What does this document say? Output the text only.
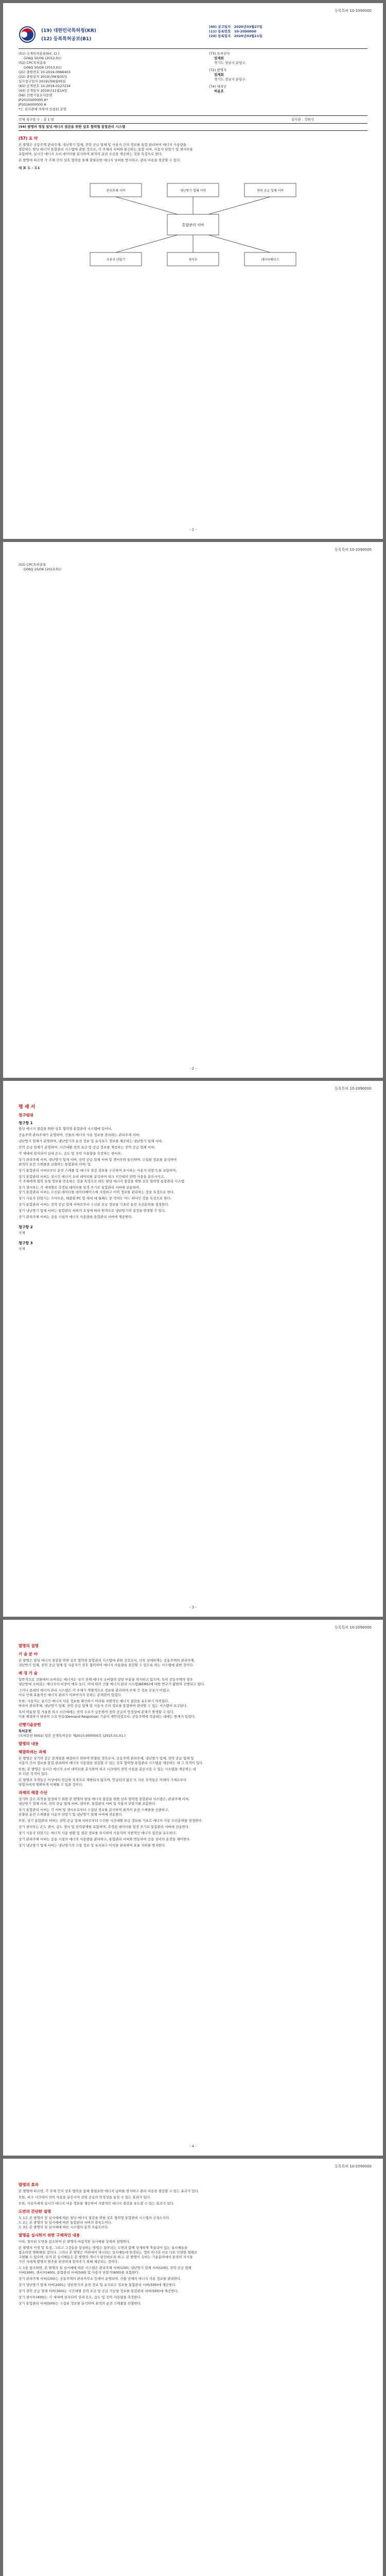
등록특허 10-2090000
(19) 대한민국특허청(KR)
(12) 등록특허공보(B1)
(45) 공고일자 2020년03월27일
(11) 등록번호 10-2090000
(24) 등록일자 2020년03월11일
(51) 국제특허분류(Int. Cl.)
G06Q 50/06 (2012.01)
(52) CPC특허분류
G06Q 50/06 (2013.01)
(21) 출원번호 10-2019-0066403
(22) 출원일자 2019년06월05일
심사청구일자 2019년06월05일
(65) 공개번호 10-2019-0127234
(43) 공개일자 2019년11월14일
(56) 선행기술조사문헌
JP2015000000 A*
JP2016000000 A
*는 심사관에 의하여 인용된 문헌
(73) 특허권자
임재희
경기도 성남시 분당구
(72) 발명자
임재희
경기도 성남시 분당구
(74) 대리인
허윤호
전체 청구항 수 : 총 1 항	심사관 : 정원석
(54) 발명의 명칭 빌딩 에너지 절감을 위한 상호 협력형 통합관리 시스템
(57) 요 약
본 발명은 공동주택 관리주체, 냉난방기 업체, 전력 공급 업체 및 사용자 간의 정보를 통합 관리하여 에너지 사용량을
절감하는 빌딩 에너지 통합관리 시스템에 관한 것으로, 각 주체의 서버와 통신하는 통합 서버, 사용자 단말기 및 센서부를
포함하며, 실시간 에너지 소비 데이터를 분석하여 최적의 운전 조건을 제공하는 것을 특징으로 한다.
본 발명에 따르면 각 주체 간의 상호 협력을 통해 불필요한 에너지 낭비를 방지하고, 관리 비용을 절감할 수 있다.
대 표 도 - 도1
통합관리 서버
관리주체 서버	냉난방기 업체 서버	전력 공급 업체 서버
사용자 단말기	센서부	데이터베이스
- 1 -
등록특허 10-2090000
(52) CPC특허분류
G06Q 10/06 (2013.01)
- 2 -
등록특허 10-2090000
명 세 서
청구범위
청구항 1
빌딩 에너지 절감을 위한 상호 협력형 통합관리 시스템에 있어서,
공동주택 관리주체가 운영하며, 건물의 에너지 사용 정보를 관리하는 관리주체 서버;
냉난방기 업체가 운영하며, 냉난방기의 운전 정보 및 유지보수 정보를 제공하는 냉난방기 업체 서버;
전력 공급 업체가 운영하며, 시간대별 전력 요금 및 공급 정보를 제공하는 전력 공급 업체 서버;
각 세대에 설치되어 실내 온도, 습도 및 전력 사용량을 측정하는 센서부;
상기 관리주체 서버, 냉난방기 업체 서버, 전력 공급 업체 서버 및 센서부와 통신하며, 수집된 정보를 분석하여
최적의 운전 스케줄을 산출하는 통합관리 서버; 및
상기 통합관리 서버로부터 운전 스케줄 및 에너지 절감 정보를 수신하여 표시하는 사용자 단말기;를 포함하며,
상기 통합관리 서버는 실시간 에너지 소비 데이터를 분석하여 피크 시간대의 전력 사용을 분산시키고,
각 주체에게 협력 요청 정보를 전송하는 것을 특징으로 하는 빌딩 에너지 절감을 위한 상호 협력형 통합관리 시스템.
상기 센서부는 각 세대별로 측정된 데이터를 일정 주기로 통합관리 서버에 전송하며,
상기 통합관리 서버는 수신된 데이터를 데이터베이스에 저장하고 이력 정보를 관리하는 것을 특징으로 한다.
상기 사용자 단말기는 스마트폰, 태블릿 PC 및 세대 내 월패드 중 적어도 어느 하나인 것을 특징으로 한다.
상기 통합관리 서버는 전력 공급 업체 서버로부터 수신된 요금 정보를 기초로 운전 우선순위를 결정한다.
상기 냉난방기 업체 서버는 통합관리 서버의 요청에 따라 원격으로 냉난방기의 설정을 변경할 수 있다.
상기 관리주체 서버는 공용 시설의 에너지 사용량을 통합관리 서버에 제공한다.
청구항 2
삭제
청구항 3
삭제
- 3 -
등록특허 10-2090000
발명의 설명
기 술 분 야
본 발명은 빌딩 에너지 절감을 위한 상호 협력형 통합관리 시스템에 관한 것으로서, 더욱 상세하게는 공동주택의 관리주체,
냉난방기 업체, 전력 공급 업체 및 사용자가 상호 협력하여 에너지 사용량을 절감할 수 있도록 하는 시스템에 관한 것이다.
배 경 기 술
일반적으로 건물에서 소비되는 에너지는 국가 전체 에너지 소비량의 상당 부분을 차지하고 있으며, 특히 공동주택의 경우
냉난방에 소비되는 에너지의 비중이 매우 높다. 이에 따라 건물 에너지 관리 시스템(BEMS)에 대한 연구가 활발히 진행되고 있다.
그러나 종래의 에너지 관리 시스템은 각 주체가 개별적으로 정보를 관리하여 주체 간 정보 공유가 어렵고,
이로 인해 효율적인 에너지 관리가 이루어지지 못하는 문제점이 있었다.
또한, 사용자는 실시간 에너지 사용 정보를 확인하기 어려워 자발적인 에너지 절감을 유도하기 어려웠다.
따라서 관리주체, 냉난방기 업체, 전력 공급 업체 및 사용자 간의 정보를 통합하여 관리할 수 있는 시스템이 요구된다.
특히 여름철 및 겨울철 피크 시간대에는 전력 수요가 급증하여 전력 공급의 안정성에 문제가 발생할 수 있다.
이를 해결하기 위하여 수요 반응(Demand Response) 기술이 제안되었으나, 공동주택에 적용하는 데에는 한계가 있었다.
선행기술문헌
특허문헌
(특허문헌 0001) 일본 공개특허공보 제2015-000000호 (2015.01.01.)
발명의 내용
해결하려는 과제
본 발명은 상기와 같은 문제점을 해결하기 위하여 안출된 것으로서, 공동주택 관리주체, 냉난방기 업체, 전력 공급 업체 및
사용자 간의 정보를 통합 관리하여 에너지 사용량을 절감할 수 있는 상호 협력형 통합관리 시스템을 제공하는 데 그 목적이 있다.
또한, 본 발명은 실시간 에너지 소비 데이터를 분석하여 피크 시간대의 전력 사용을 분산시킬 수 있는 시스템을 제공하는 데
또 다른 목적이 있다.
본 발명의 목적들은 이상에서 언급한 목적으로 제한되지 않으며, 언급되지 않은 또 다른 목적들은 아래의 기재로부터
당업자에게 명확하게 이해될 수 있을 것이다.
과제의 해결 수단
상기와 같은 목적을 달성하기 위한 본 발명의 빌딩 에너지 절감을 위한 상호 협력형 통합관리 시스템은, 관리주체 서버,
냉난방기 업체 서버, 전력 공급 업체 서버, 센서부, 통합관리 서버 및 사용자 단말기를 포함한다.
상기 통합관리 서버는 각 서버 및 센서부로부터 수집된 정보를 분석하여 최적의 운전 스케줄을 산출하고,
산출된 운전 스케줄을 사용자 단말기 및 냉난방기 업체 서버에 전송한다.
또한, 상기 통합관리 서버는 전력 공급 업체 서버로부터 수신한 시간대별 요금 정보를 기초로 에너지 사용 우선순위를 결정한다.
상기 센서부는 온도 센서, 습도 센서 및 전력량계를 포함하며, 측정된 데이터를 일정 주기로 통합관리 서버에 전송한다.
상기 사용자 단말기는 에너지 사용 현황 및 절감 정보를 표시하여 사용자의 자발적인 에너지 절감을 유도한다.
상기 관리주체 서버는 공용 시설의 에너지 사용량을 관리하고, 통합관리 서버와 연동하여 공용 설비의 운전을 제어한다.
상기 냉난방기 업체 서버는 냉난방기의 고장 정보 및 유지보수 이력을 관리하여 효율 저하를 방지한다.
- 4 -
등록특허 10-2090000
발명의 효과
본 발명에 따르면, 각 주체 간의 상호 협력을 통해 불필요한 에너지 낭비를 방지하고 관리 비용을 절감할 수 있는 효과가 있다.
또한, 피크 시간대의 전력 사용을 분산시켜 전력 공급의 안정성을 높일 수 있는 효과가 있다.
또한, 사용자에게 실시간 에너지 사용 정보를 제공하여 자발적인 에너지 절감을 유도할 수 있는 효과가 있다.
도면의 간단한 설명
도 1은 본 발명의 일 실시예에 따른 빌딩 에너지 절감을 위한 상호 협력형 통합관리 시스템의 구성도이다.
도 2는 본 발명의 일 실시예에 따른 통합관리 서버의 블록도이다.
도 3은 본 발명의 일 실시예에 따른 시스템의 동작 흐름도이다.
발명을 실시하기 위한 구체적인 내용
이하, 첨부된 도면을 참조하여 본 발명의 바람직한 실시예를 상세히 설명한다.
본 발명의 이점 및 특징, 그리고 그것들을 달성하는 방법은 첨부되는 도면과 함께 상세하게 후술되어 있는 실시예들을
참조하면 명확해질 것이다. 그러나 본 발명은 이하에서 개시되는 실시예들에 한정되는 것이 아니라 서로 다른 다양한 형태로
구현될 수 있으며, 단지 본 실시예들은 본 발명의 개시가 완전하도록 하고, 본 발명이 속하는 기술분야에서 통상의 지식을
가진 자에게 발명의 범주를 완전하게 알려주기 위해 제공되는 것이다.
도 1을 참조하면, 본 발명의 일 실시예에 따른 시스템은 관리주체 서버(100), 냉난방기 업체 서버(200), 전력 공급 업체
서버(300), 센서부(400), 통합관리 서버(500) 및 사용자 단말기(600)를 포함한다.
상기 관리주체 서버(100)는 공동주택의 관리사무소 등에서 운영되며, 건물 전체의 에너지 사용 정보를 관리한다.
상기 냉난방기 업체 서버(200)는 냉난방기의 운전 정보 및 유지보수 정보를 통합관리 서버(500)에 제공한다.
상기 전력 공급 업체 서버(300)는 시간대별 전력 요금 및 공급 가능량 정보를 통합관리 서버(500)에 제공한다.
상기 센서부(400)는 각 세대에 설치되어 실내 온도, 습도 및 전력 사용량을 측정한다.
상기 통합관리 서버(500)는 수집된 정보를 분석하여 최적의 운전 스케줄을 산출한다.
